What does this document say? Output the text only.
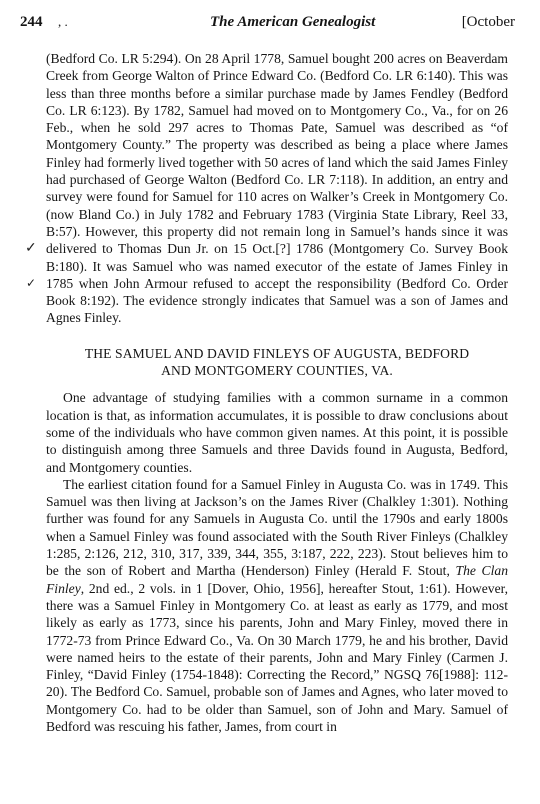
244 , .	The American Genealogist	[October
✓
✓

(Bedford Co. LR 5:294). On 28 April 1778, Samuel bought 200 acres on Beaverdam Creek from George Walton of Prince Edward Co. (Bedford Co. LR 6:140). This was less than three months before a similar purchase made by James Fendley (Bedford Co. LR 6:123). By 1782, Samuel had moved on to Montgomery Co., Va., for on 26 Feb., when he sold 297 acres to Thomas Pate, Samuel was described as “of Montgomery County.” The property was described as being a place where James Finley had formerly lived together with 50 acres of land which the said James Finley had purchased of George Walton (Bedford Co. LR 7:118). In addition, an entry and survey were found for Samuel for 110 acres on Walker’s Creek in Montgomery Co. (now Bland Co.) in July 1782 and February 1783 (Virginia State Library, Reel 33, B:57). However, this property did not remain long in Samuel’s hands since it was delivered to Thomas Dun Jr. on 15 Oct.[?] 1786 (Montgomery Co. Survey Book B:180). It was Samuel who was named executor of the estate of James Finley in 1785 when John Armour refused to accept the responsibility (Bedford Co. Order Book 8:192). The evidence strongly indicates that Samuel was a son of James and Agnes Finley.

THE SAMUEL AND DAVID FINLEYS OF AUGUSTA, BEDFORD
AND MONTGOMERY COUNTIES, VA.

One advantage of studying families with a common surname in a common location is that, as information accumulates, it is possible to draw conclusions about some of the individuals who have common given names. At this point, it is possible to distinguish among three Samuels and three Davids found in Augusta, Bedford, and Montgomery counties.

The earliest citation found for a Samuel Finley in Augusta Co. was in 1749. This Samuel was then living at Jackson’s on the James River (Chalkley 1:301). Nothing further was found for any Samuels in Augusta Co. until the 1790s and early 1800s when a Samuel Finley was found associated with the South River Finleys (Chalkley 1:285, 2:126, 212, 310, 317, 339, 344, 355, 3:187, 222, 223). Stout believes him to be the son of Robert and Martha (Henderson) Finley (Herald F. Stout, The Clan Finley, 2nd ed., 2 vols. in 1 [Dover, Ohio, 1956], hereafter Stout, 1:61). However, there was a Samuel Finley in Montgomery Co. at least as early as 1779, and most likely as early as 1773, since his parents, John and Mary Finley, moved there in 1772-73 from Prince Edward Co., Va. On 30 March 1779, he and his brother, David were named heirs to the estate of their parents, John and Mary Finley (Carmen J. Finley, “David Finley (1754-1848): Correcting the Record,” NGSQ 76[1988]: 112-20). The Bedford Co. Samuel, probable son of James and Agnes, who later moved to Montgomery Co. had to be older than Samuel, son of John and Mary. Samuel of Bedford was rescuing his father, James, from court in
